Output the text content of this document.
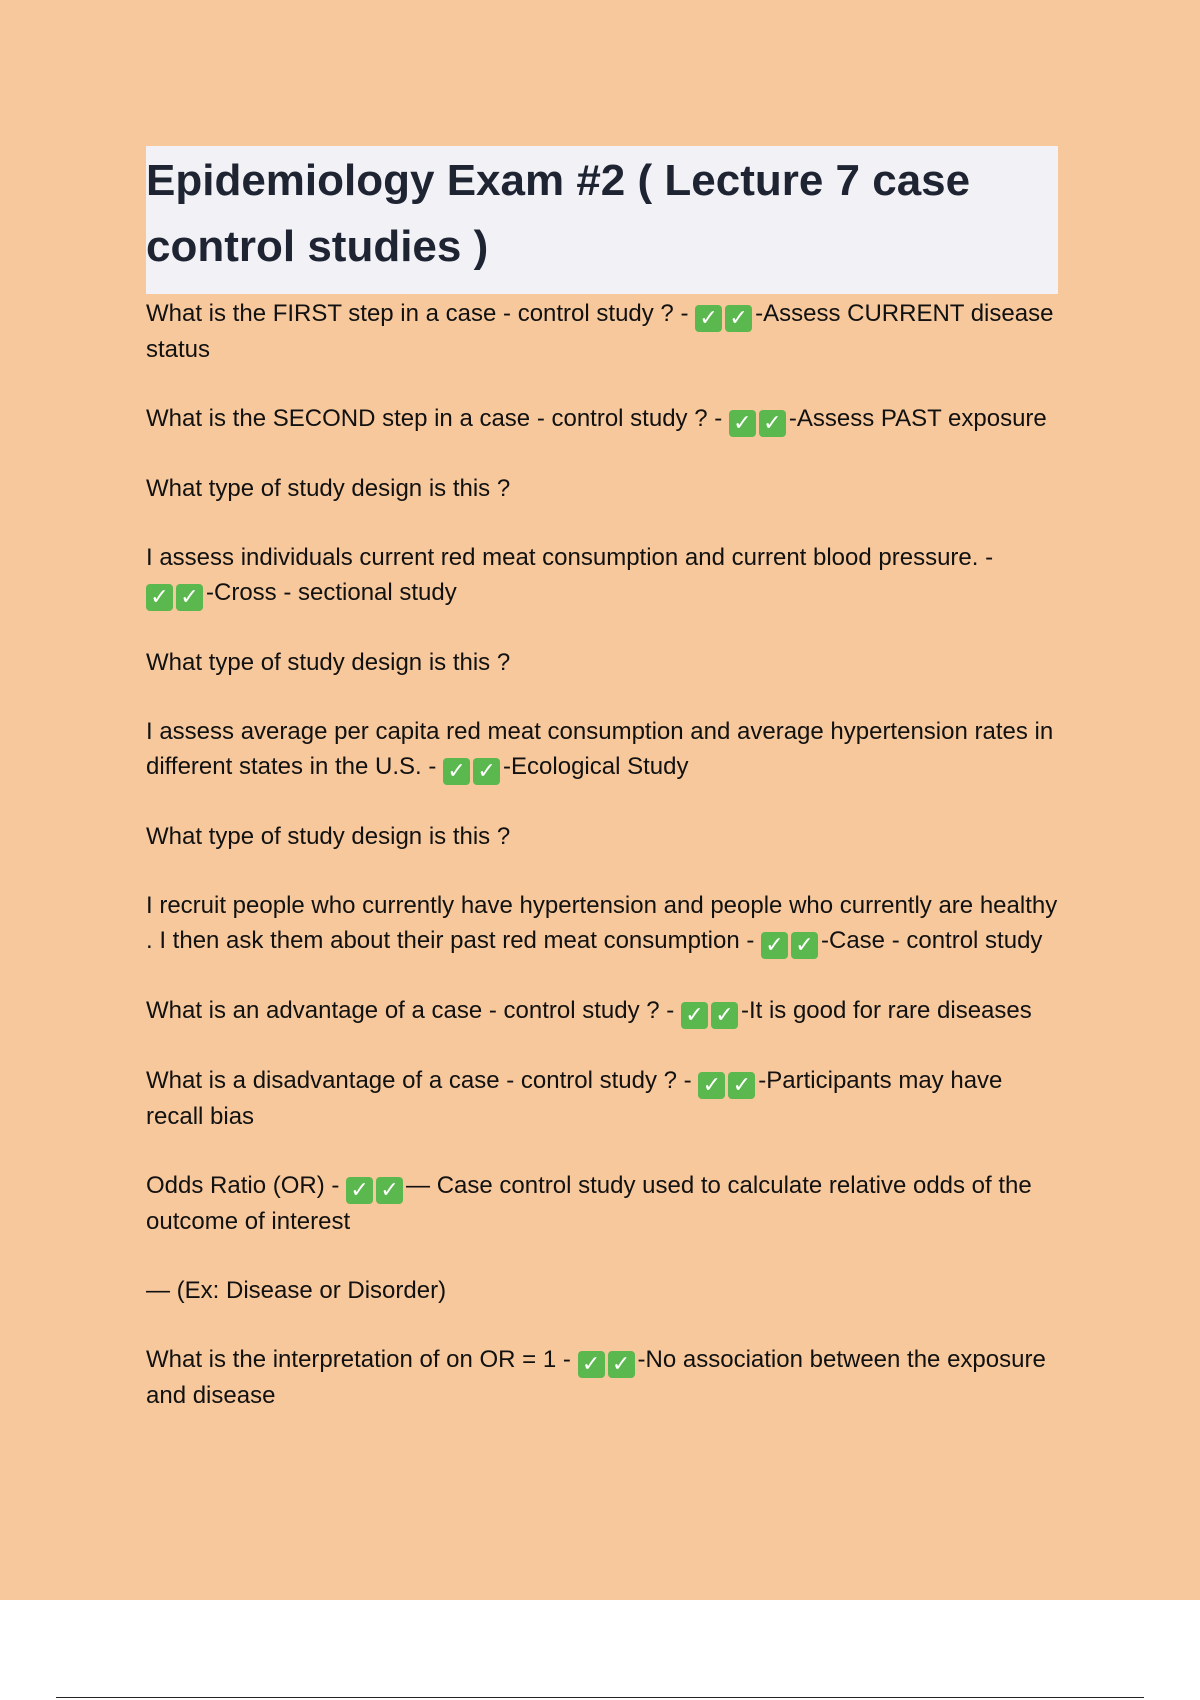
Epidemiology Exam #2 ( Lecture 7 case control studies )

What is the FIRST step in a case - control study ? - ✓ ✓ -Assess CURRENT disease status

What is the SECOND step in a case - control study ? - ✓ ✓ -Assess PAST exposure

What type of study design is this ?

I assess individuals current red meat consumption and current blood pressure. - ✓ ✓ -Cross - sectional study

What type of study design is this ?

I assess average per capita red meat consumption and average hypertension rates in different states in the U.S. - ✓ ✓ -Ecological Study

What type of study design is this ?

I recruit people who currently have hypertension and people who currently are healthy . I then ask them about their past red meat consumption - ✓ ✓ -Case - control study

What is an advantage of a case - control study ? - ✓ ✓ -It is good for rare diseases

What is a disadvantage of a case - control study ? - ✓ ✓ -Participants may have recall bias

Odds Ratio (OR) - ✓ ✓ — Case control study used to calculate relative odds of the outcome of interest

— (Ex: Disease or Disorder)

What is the interpretation of on OR = 1 - ✓ ✓ -No association between the exposure and disease
